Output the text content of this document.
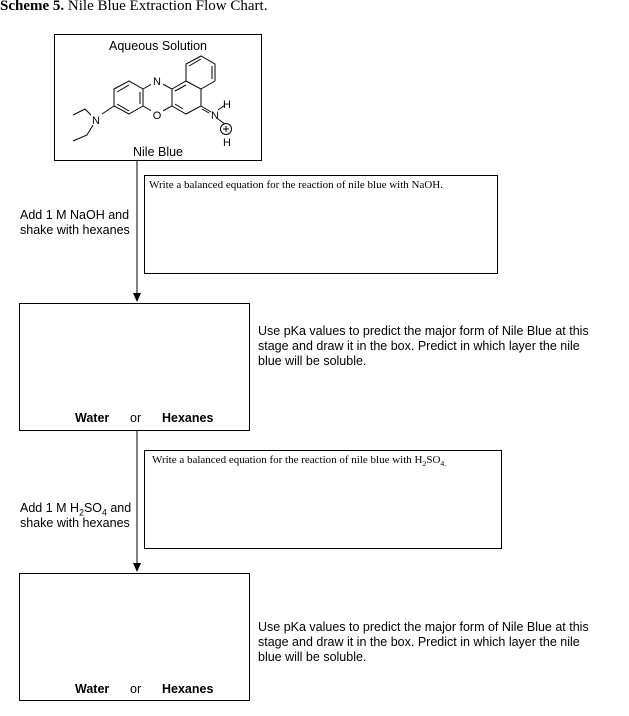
Scheme 5. Nile Blue Extraction Flow Chart.
Aqueous Solution
N
O
N	N
H
H
Nile Blue
Add 1 M NaOH and
shake with hexanes
Write a balanced equation for the reaction of nile blue with NaOH.
Water or Hexanes
Use pKa values to predict the major form of Nile Blue at this stage and draw it in the box. Predict in which layer the nile blue will be soluble.
Add 1 M $H_2SO_4$ and
shake with hexanes
Write a balanced equation for the reaction of nile blue with $H_2SO_{4.}$
Water or Hexanes
Use pKa values to predict the major form of Nile Blue at this stage and draw it in the box. Predict in which layer the nile blue will be soluble.
